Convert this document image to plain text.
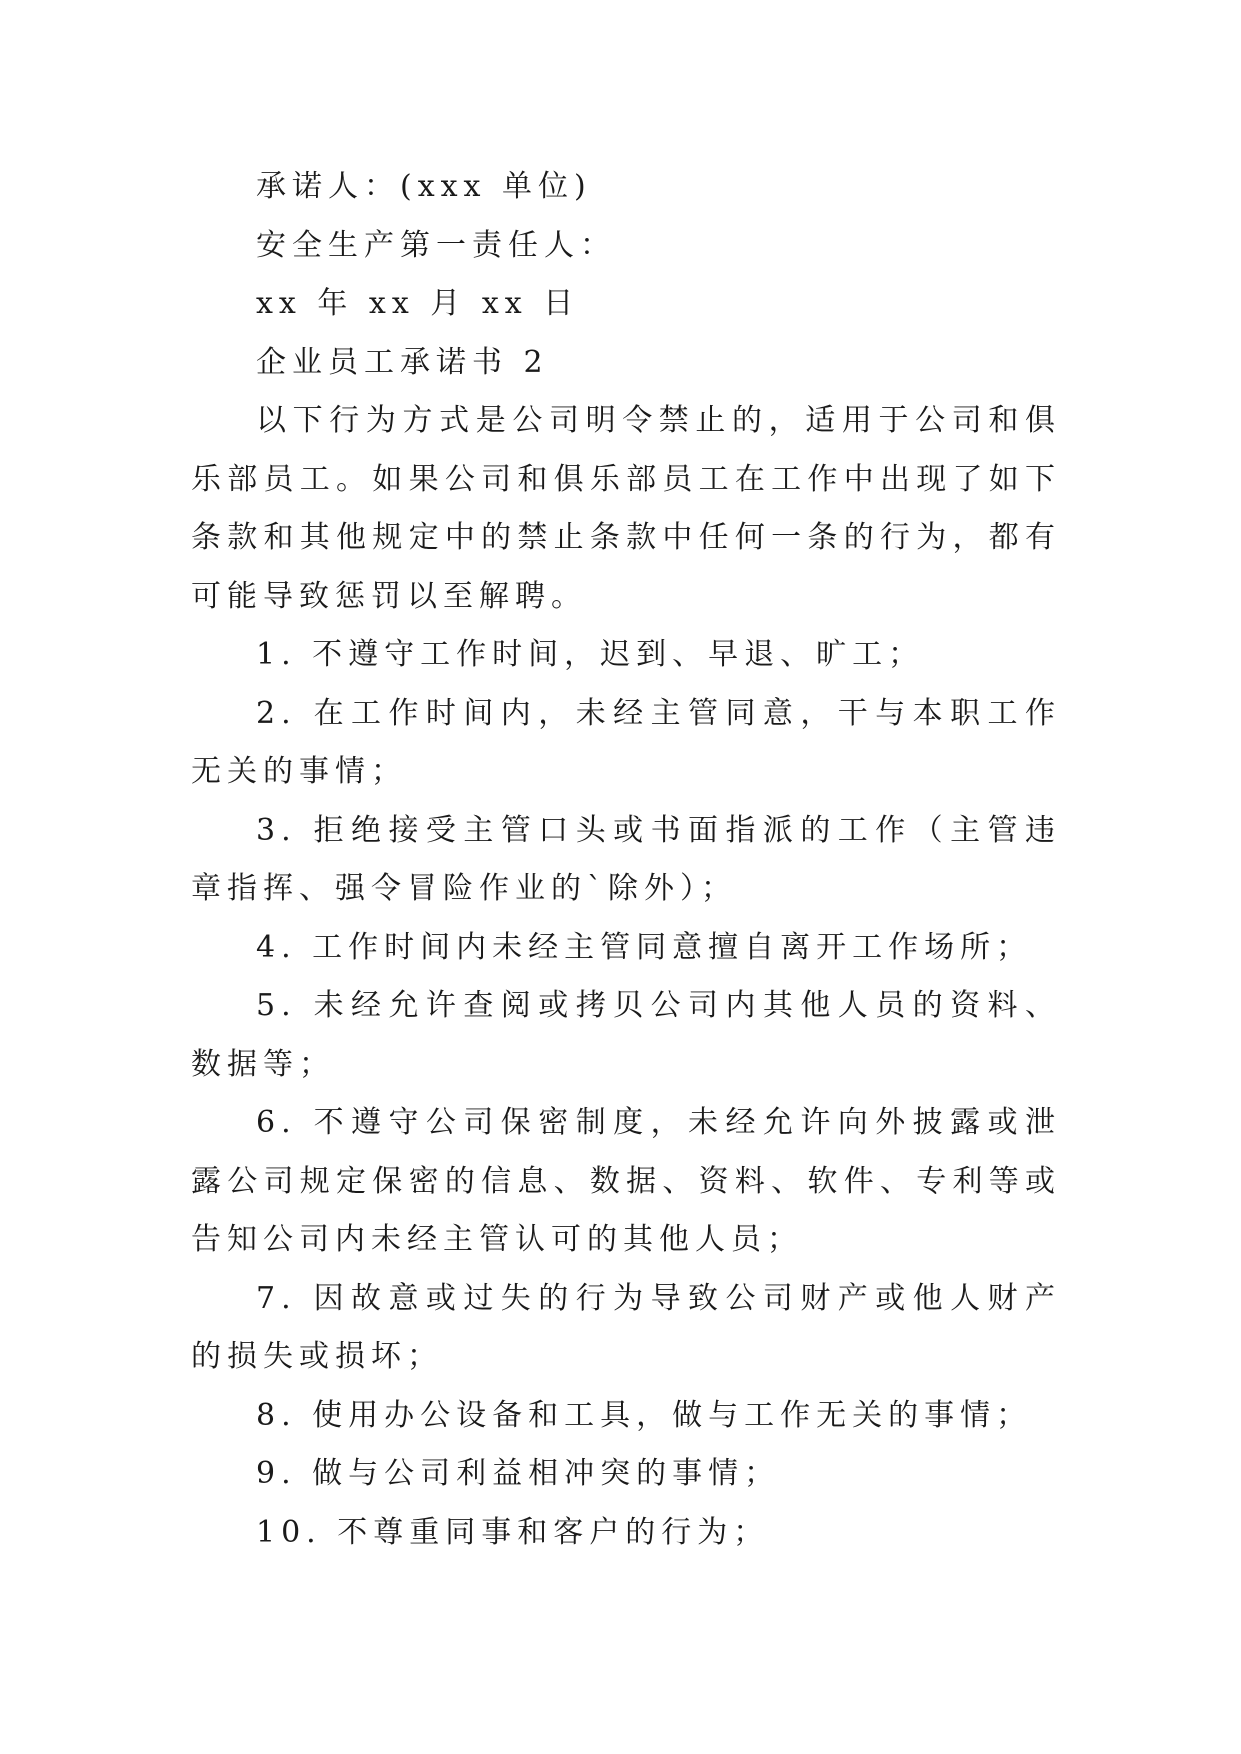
承诺人：(xxx 单位)

安全生产第一责任人：

xx 年 xx 月 xx 日

企业员工承诺书 2

以下行为方式是公司明令禁止的，适用于公司和俱乐部员工。如果公司和俱乐部员工在工作中出现了如下条款和其他规定中的禁止条款中任何一条的行为，都有可能导致惩罚以至解聘。

1. 不遵守工作时间，迟到、早退、旷工；

2. 在工作时间内，未经主管同意，干与本职工作无关的事情；

3. 拒绝接受主管口头或书面指派的工作（主管违章指挥、强令冒险作业的`除外）；

4. 工作时间内未经主管同意擅自离开工作场所；

5. 未经允许查阅或拷贝公司内其他人员的资料、数据等；

6. 不遵守公司保密制度，未经允许向外披露或泄露公司规定保密的信息、数据、资料、软件、专利等或告知公司内未经主管认可的其他人员；

7. 因故意或过失的行为导致公司财产或他人财产的损失或损坏；

8. 使用办公设备和工具，做与工作无关的事情；

9. 做与公司利益相冲突的事情；

10. 不尊重同事和客户的行为；
